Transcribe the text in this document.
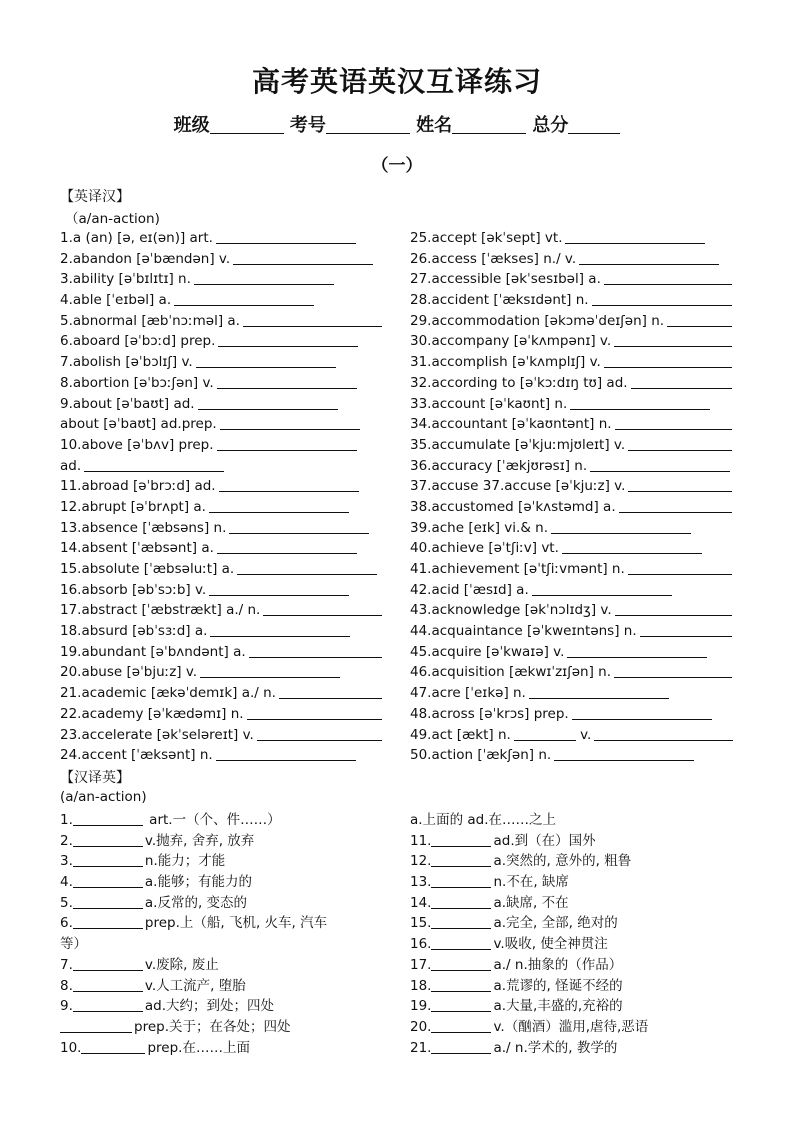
高考英语英汉互译练习
班级	考号	姓名	总分
（一）
【英译汉】
（a/an-action)
1.a (an) [ə, eɪ(ən)] art.
2.abandon [əˈbændən] v.
3.ability [əˈbɪlɪtɪ] n.
4.able [ˈeɪbəl] a.
5.abnormal [æbˈnɔːməl] a.
6.aboard [əˈbɔːd] prep.
7.abolish [əˈbɔlɪʃ] v.
8.abortion [əˈbɔːʃən] v.
9.about [əˈbaʊt] ad.
about [əˈbaʊt] ad.prep.
10.above [əˈbʌv] prep.
ad.
11.abroad [əˈbrɔːd] ad.
12.abrupt [əˈbrʌpt] a.
13.absence [ˈæbsəns] n.
14.absent [ˈæbsənt] a.
15.absolute [ˈæbsəluːt] a.
16.absorb [əbˈsɔːb] v.
17.abstract [ˈæbstrækt] a./ n.
18.absurd [əbˈsɜːd] a.
19.abundant [əˈbʌndənt] a.
20.abuse [əˈbjuːz] v.
21.academic [ækəˈdemɪk] a./ n.
22.academy [əˈkædəmɪ] n.
23.accelerate [əkˈseləreɪt] v.
24.accent [ˈæksənt] n.
25.accept [əkˈsept] vt.
26.access [ˈækses] n./ v.
27.accessible [əkˈsesɪbəl] a.
28.accident [ˈæksɪdənt] n.
29.accommodation [əkɔməˈdeɪʃən] n.
30.accompany [əˈkʌmpənɪ] v.
31.accomplish [əˈkʌmplɪʃ] v.
32.according to [əˈkɔːdɪŋ tʊ] ad.
33.account [əˈkaʊnt] n.
34.accountant [əˈkaʊntənt] n.
35.accumulate [əˈkjuːmjʊleɪt] v.
36.accuracy [ˈækjʊrəsɪ] n.
37.accuse 37.accuse [əˈkjuːz] v.
38.accustomed [əˈkʌstəmd] a.
39.ache [eɪk] vi.& n.
40.achieve [əˈtʃiːv] vt.
41.achievement [əˈtʃiːvmənt] n.
42.acid [ˈæsɪd] a.
43.acknowledge [əkˈnɔlɪdʒ] v.
44.acquaintance [əˈkweɪntəns] n.
45.acquire [əˈkwaɪə] v.
46.acquisition [ækwɪˈzɪʃən] n.
47.acre [ˈeɪkə] n.
48.across [əˈkrɔs] prep.
49.act [ækt] n.	v.
50.action [ˈækʃən] n.
【汉译英】
(a/an-action)
1.	art.一（个、件……）
2.	v.抛弃, 舍弃, 放弃
3.	n.能力；才能
4.	a.能够；有能力的
5.	a.反常的, 变态的
6.	prep.上（船, 飞机, 火车, 汽车
等）
7.	v.废除, 废止
8.	v.人工流产, 堕胎
9.	ad.大约；到处；四处
prep.关于；在各处；四处
10.	prep.在……上面
a.上面的 ad.在……之上
11.	ad.到（在）国外
12.	a.突然的, 意外的, 粗鲁
13.	n.不在, 缺席
14.	a.缺席, 不在
15.	a.完全, 全部, 绝对的
16.	v.吸收, 使全神贯注
17.	a./ n.抽象的（作品）
18.	a.荒谬的, 怪诞不经的
19.	a.大量,丰盛的,充裕的
20.	v.（酗酒）滥用,虐待,恶语
21.	a./ n.学术的, 教学的
